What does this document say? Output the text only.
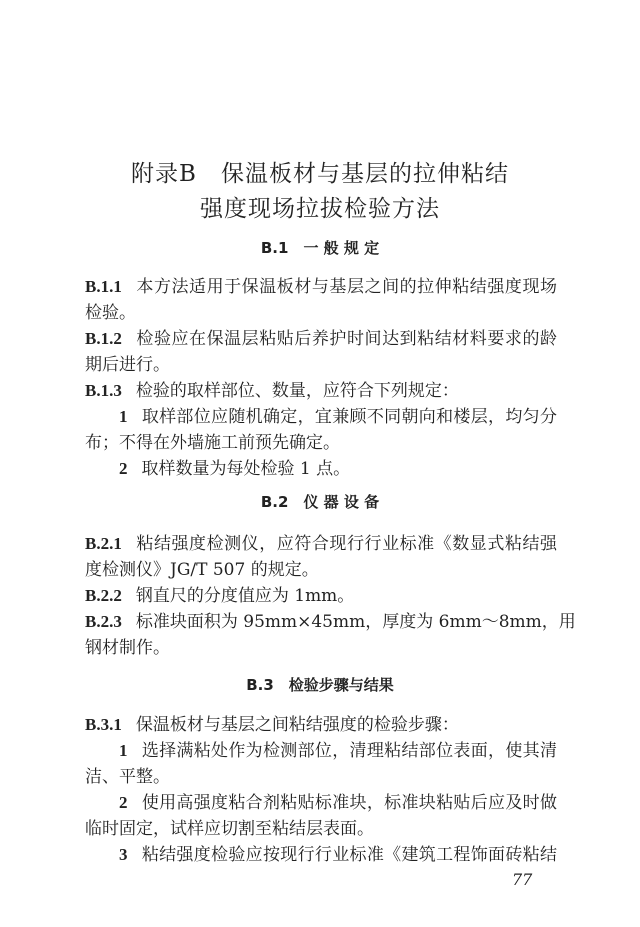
附录B　保温板材与基层的拉伸粘结
强度现场拉拔检验方法
B.1　一 般 规 定
B.1.1 本方法适用于保温板材与基层之间的拉伸粘结强度现场
检验。
B.1.2 检验应在保温层粘贴后养护时间达到粘结材料要求的龄
期后进行。
B.1.3 检验的取样部位、数量，应符合下列规定：
1 取样部位应随机确定，宜兼顾不同朝向和楼层，均匀分
布；不得在外墙施工前预先确定。
2 取样数量为每处检验 1 点。
B.2　仪 器 设 备
B.2.1 粘结强度检测仪，应符合现行行业标准《数显式粘结强
度检测仪》JG/T 507 的规定。
B.2.2 钢直尺的分度值应为 1mm。
B.2.3 标准块面积为 95mm×45mm，厚度为 6mm～8mm，用
钢材制作。
B.3　检验步骤与结果
B.3.1 保温板材与基层之间粘结强度的检验步骤：
1 选择满粘处作为检测部位，清理粘结部位表面，使其清
洁、平整。
2 使用高强度粘合剂粘贴标准块，标准块粘贴后应及时做
临时固定，试样应切割至粘结层表面。
3 粘结强度检验应按现行行业标准《建筑工程饰面砖粘结
77
